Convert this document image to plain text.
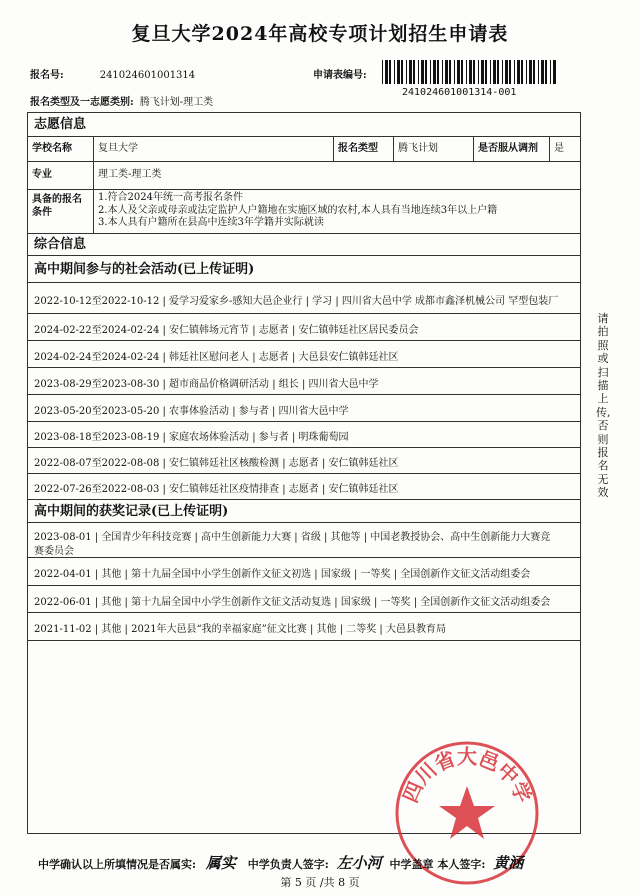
复旦大学2024年高校专项计划招生申请表
报名号:	241024601001314	申请表编号:
241024601001314-001
报名类型及一志愿类别: 腾飞计划-理工类
志愿信息
学校名称	复旦大学	报名类型	腾飞计划	是否服从调剂	是
专业	理工类-理工类
具备的报名条件
1.符合2024年统一高考报名条件
2.本人及父亲或母亲或法定监护人户籍地在实施区域的农村,本人具有当地连续3年以上户籍
3.本人具有户籍所在县高中连续3年学籍并实际就读
综合信息
高中期间参与的社会活动(已上传证明)
2022-10-12至2022-10-12 | 爱学习爱家乡-感知大邑企业行 | 学习 | 四川省大邑中学 成都市鑫泽机械公司 罕型包装厂
2024-02-22至2024-02-24 | 安仁镇韩场元宵节 | 志愿者 | 安仁镇韩廷社区居民委员会
2024-02-24至2024-02-24 | 韩廷社区慰问老人 | 志愿者 | 大邑县安仁镇韩廷社区
2023-08-29至2023-08-30 | 超市商品价格调研活动 | 组长 | 四川省大邑中学
2023-05-20至2023-05-20 | 农事体验活动 | 参与者 | 四川省大邑中学
2023-08-18至2023-08-19 | 家庭农场体验活动 | 参与者 | 明珠葡萄园
2022-08-07至2022-08-08 | 安仁镇韩廷社区核酸检测 | 志愿者 | 安仁镇韩廷社区
2022-07-26至2022-08-03 | 安仁镇韩廷社区疫情排查 | 志愿者 | 安仁镇韩廷社区
高中期间的获奖记录(已上传证明)
2023-08-01 | 全国青少年科技竞赛 | 高中生创新能力大赛 | 省级 | 其他等 | 中国老教授协会、高中生创新能力大赛竞
赛委员会
2022-04-01 | 其他 | 第十九届全国中小学生创新作文征文初选 | 国家级 | 一等奖 | 全国创新作文征文活动组委会
2022-06-01 | 其他 | 第十九届全国中小学生创新作文征文活动复选 | 国家级 | 一等奖 | 全国创新作文征文活动组委会
2021-11-02 | 其他 | 2021年大邑县“我的幸福家庭”征文比赛 | 其他 | 二等奖 | 大邑县教育局
请拍照或扫描上传,否则报名无效
四川省大邑中学
中学确认以上所填情况是否属实: 属实 中学负责人签字: 左小河 中学盖章 本人签字: 黄涵
第 5 页 /共 8 页
